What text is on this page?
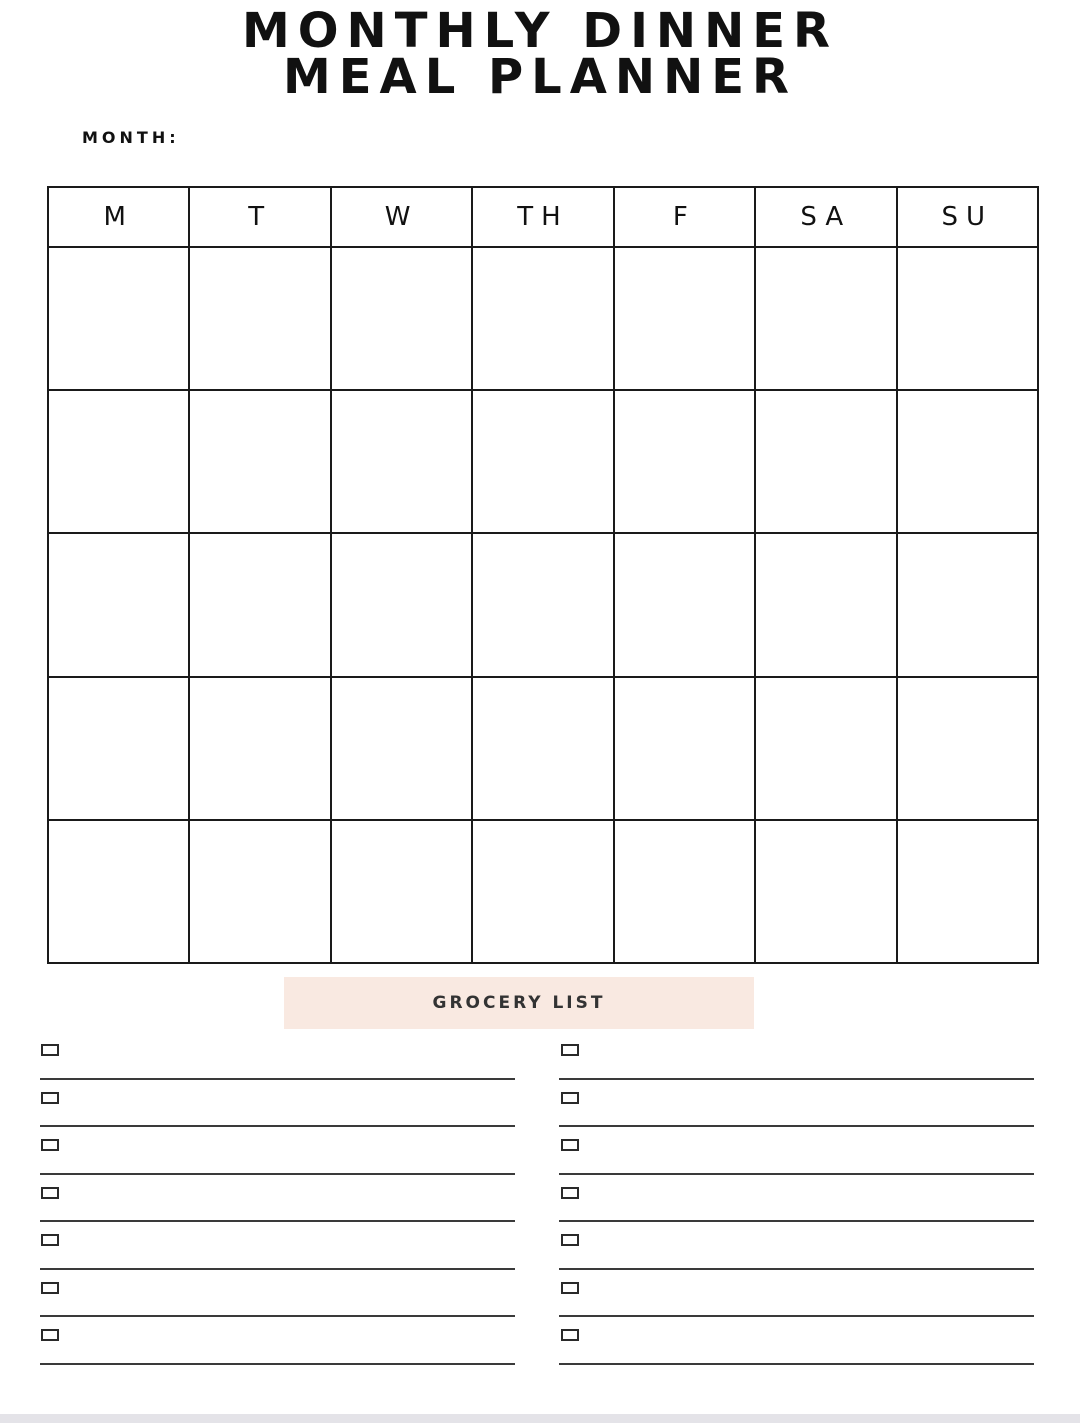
MONTHLY DINNER
MEAL PLANNER
MONTH:
M	T	W	TH	F	SA	SU

GROCERY LIST
